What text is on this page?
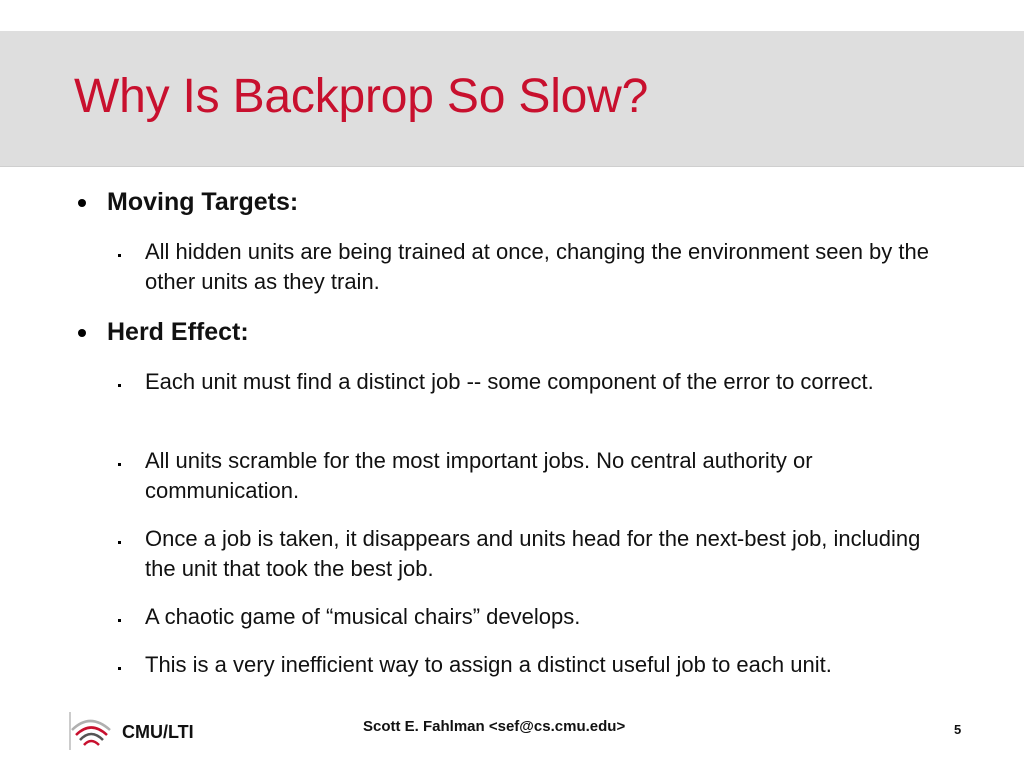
Why Is Backprop So Slow?
Moving Targets:
All hidden units are being trained at once, changing the environment seen by the other units as they train.
Herd Effect:
Each unit must find a distinct job -- some component of the error to correct.
All units scramble for the most important jobs. No central authority or communication.
Once a job is taken, it disappears and units head for the next-best job, including the unit that took the best job.
A chaotic game of “musical chairs” develops.
This is a very inefficient way to assign a distinct useful job to each unit.
CMU/LTI	Scott E. Fahlman <sef@cs.cmu.edu>	5
